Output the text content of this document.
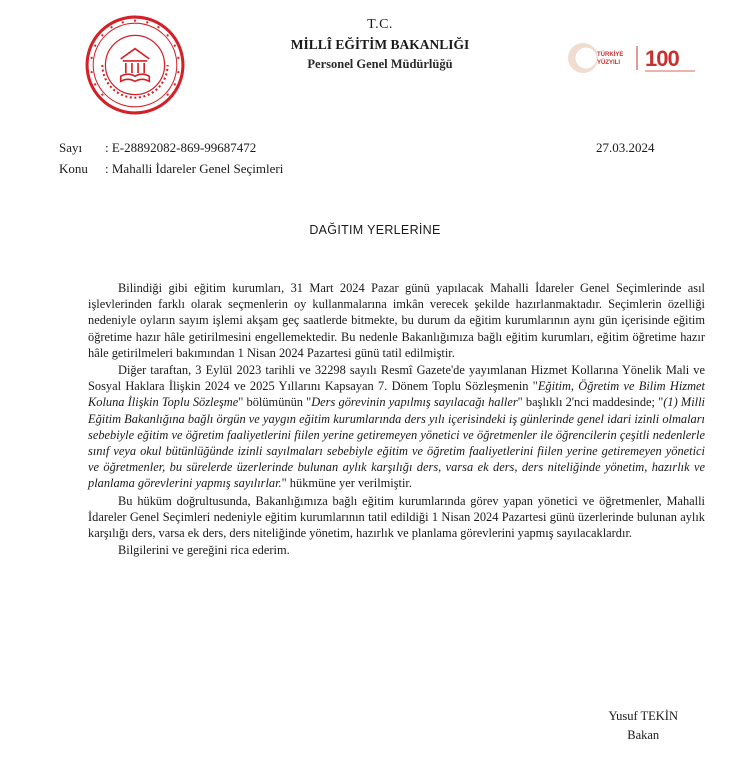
T.C.
MİLLÎ EĞİTİM BAKANLIĞI
Personel Genel Müdürlüğü
TÜRKİYE
YÜZYILI 100
Sayı : E-28892082-869-99687472
Konu : Mahalli İdareler Genel Seçimleri
27.03.2024
DAĞITIM YERLERİNE

Bilindiği gibi eğitim kurumları, 31 Mart 2024 Pazar günü yapılacak Mahalli İdareler Genel Seçimlerinde asıl işlevlerinden farklı olarak seçmenlerin oy kullanmalarına imkân verecek şekilde hazırlanmaktadır. Seçimlerin özelliği nedeniyle oyların sayım işlemi akşam geç saatlerde bitmekte, bu durum da eğitim kurumlarının aynı gün içerisinde eğitim öğretime hazır hâle getirilmesini engellemektedir. Bu nedenle Bakanlığımıza bağlı eğitim kurumları, eğitim öğretime hazır hâle getirilmeleri bakımından 1 Nisan 2024 Pazartesi günü tatil edilmiştir.

Diğer taraftan, 3 Eylül 2023 tarihli ve 32298 sayılı Resmî Gazete'de yayımlanan Hizmet Kollarına Yönelik Mali ve Sosyal Haklara İlişkin 2024 ve 2025 Yıllarını Kapsayan 7. Dönem Toplu Sözleşmenin "Eğitim, Öğretim ve Bilim Hizmet Koluna İlişkin Toplu Sözleşme" bölümünün "Ders görevinin yapılmış sayılacağı haller" başlıklı 2'nci maddesinde; "(1) Milli Eğitim Bakanlığına bağlı örgün ve yaygın eğitim kurumlarında ders yılı içerisindeki iş günlerinde genel idari izinli olmaları sebebiyle eğitim ve öğretim faaliyetlerini fiilen yerine getiremeyen yönetici ve öğretmenler ile öğrencilerin çeşitli nedenlerle sınıf veya okul bütünlüğünde izinli sayılmaları sebebiyle eğitim ve öğretim faaliyetlerini fiilen yerine getiremeyen yönetici ve öğretmenler, bu sürelerde üzerlerinde bulunan aylık karşılığı ders, varsa ek ders, ders niteliğinde yönetim, hazırlık ve planlama görevlerini yapmış sayılırlar." hükmüne yer verilmiştir.

Bu hüküm doğrultusunda, Bakanlığımıza bağlı eğitim kurumlarında görev yapan yönetici ve öğretmenler, Mahalli İdareler Genel Seçimleri nedeniyle eğitim kurumlarının tatil edildiği 1 Nisan 2024 Pazartesi günü üzerlerinde bulunan aylık karşılığı ders, varsa ek ders, ders niteliğinde yönetim, hazırlık ve planlama görevlerini yapmış sayılacaklardır.

Bilgilerini ve gereğini rica ederim.

Yusuf TEKİN
Bakan
